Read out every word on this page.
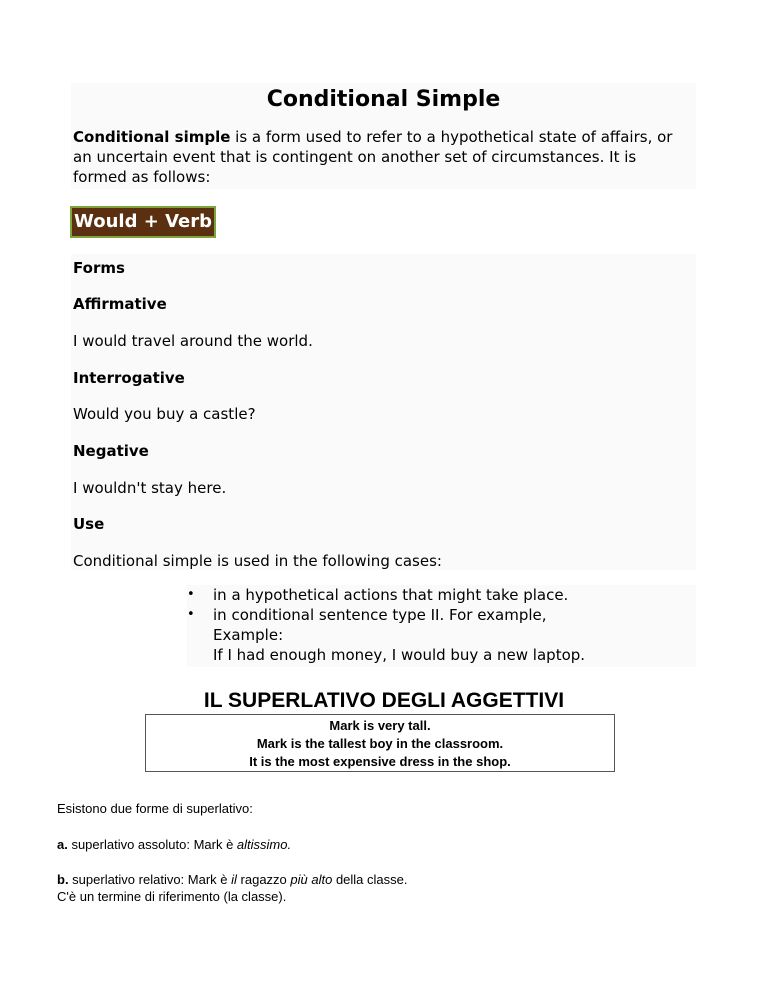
Conditional Simple
Conditional simple is a form used to refer to a hypothetical state of affairs, or an uncertain event that is contingent on another set of circumstances. It is formed as follows:
Would + Verb
Forms
Affirmative
I would travel around the world.
Interrogative
Would you buy a castle?
Negative
I wouldn't stay here.
Use
Conditional simple is used in the following cases:
• in a hypothetical actions that might take place.
• in conditional sentence type II. For example,
Example:
If I had enough money, I would buy a new laptop.
IL SUPERLATIVO DEGLI AGGETTIVI
Mark is very tall.
Mark is the tallest boy in the classroom.
It is the most expensive dress in the shop.
Esistono due forme di superlativo:
a. superlativo assoluto: Mark è altissimo.
b. superlativo relativo: Mark è il ragazzo più alto della classe.
C'è un termine di riferimento (la classe).
